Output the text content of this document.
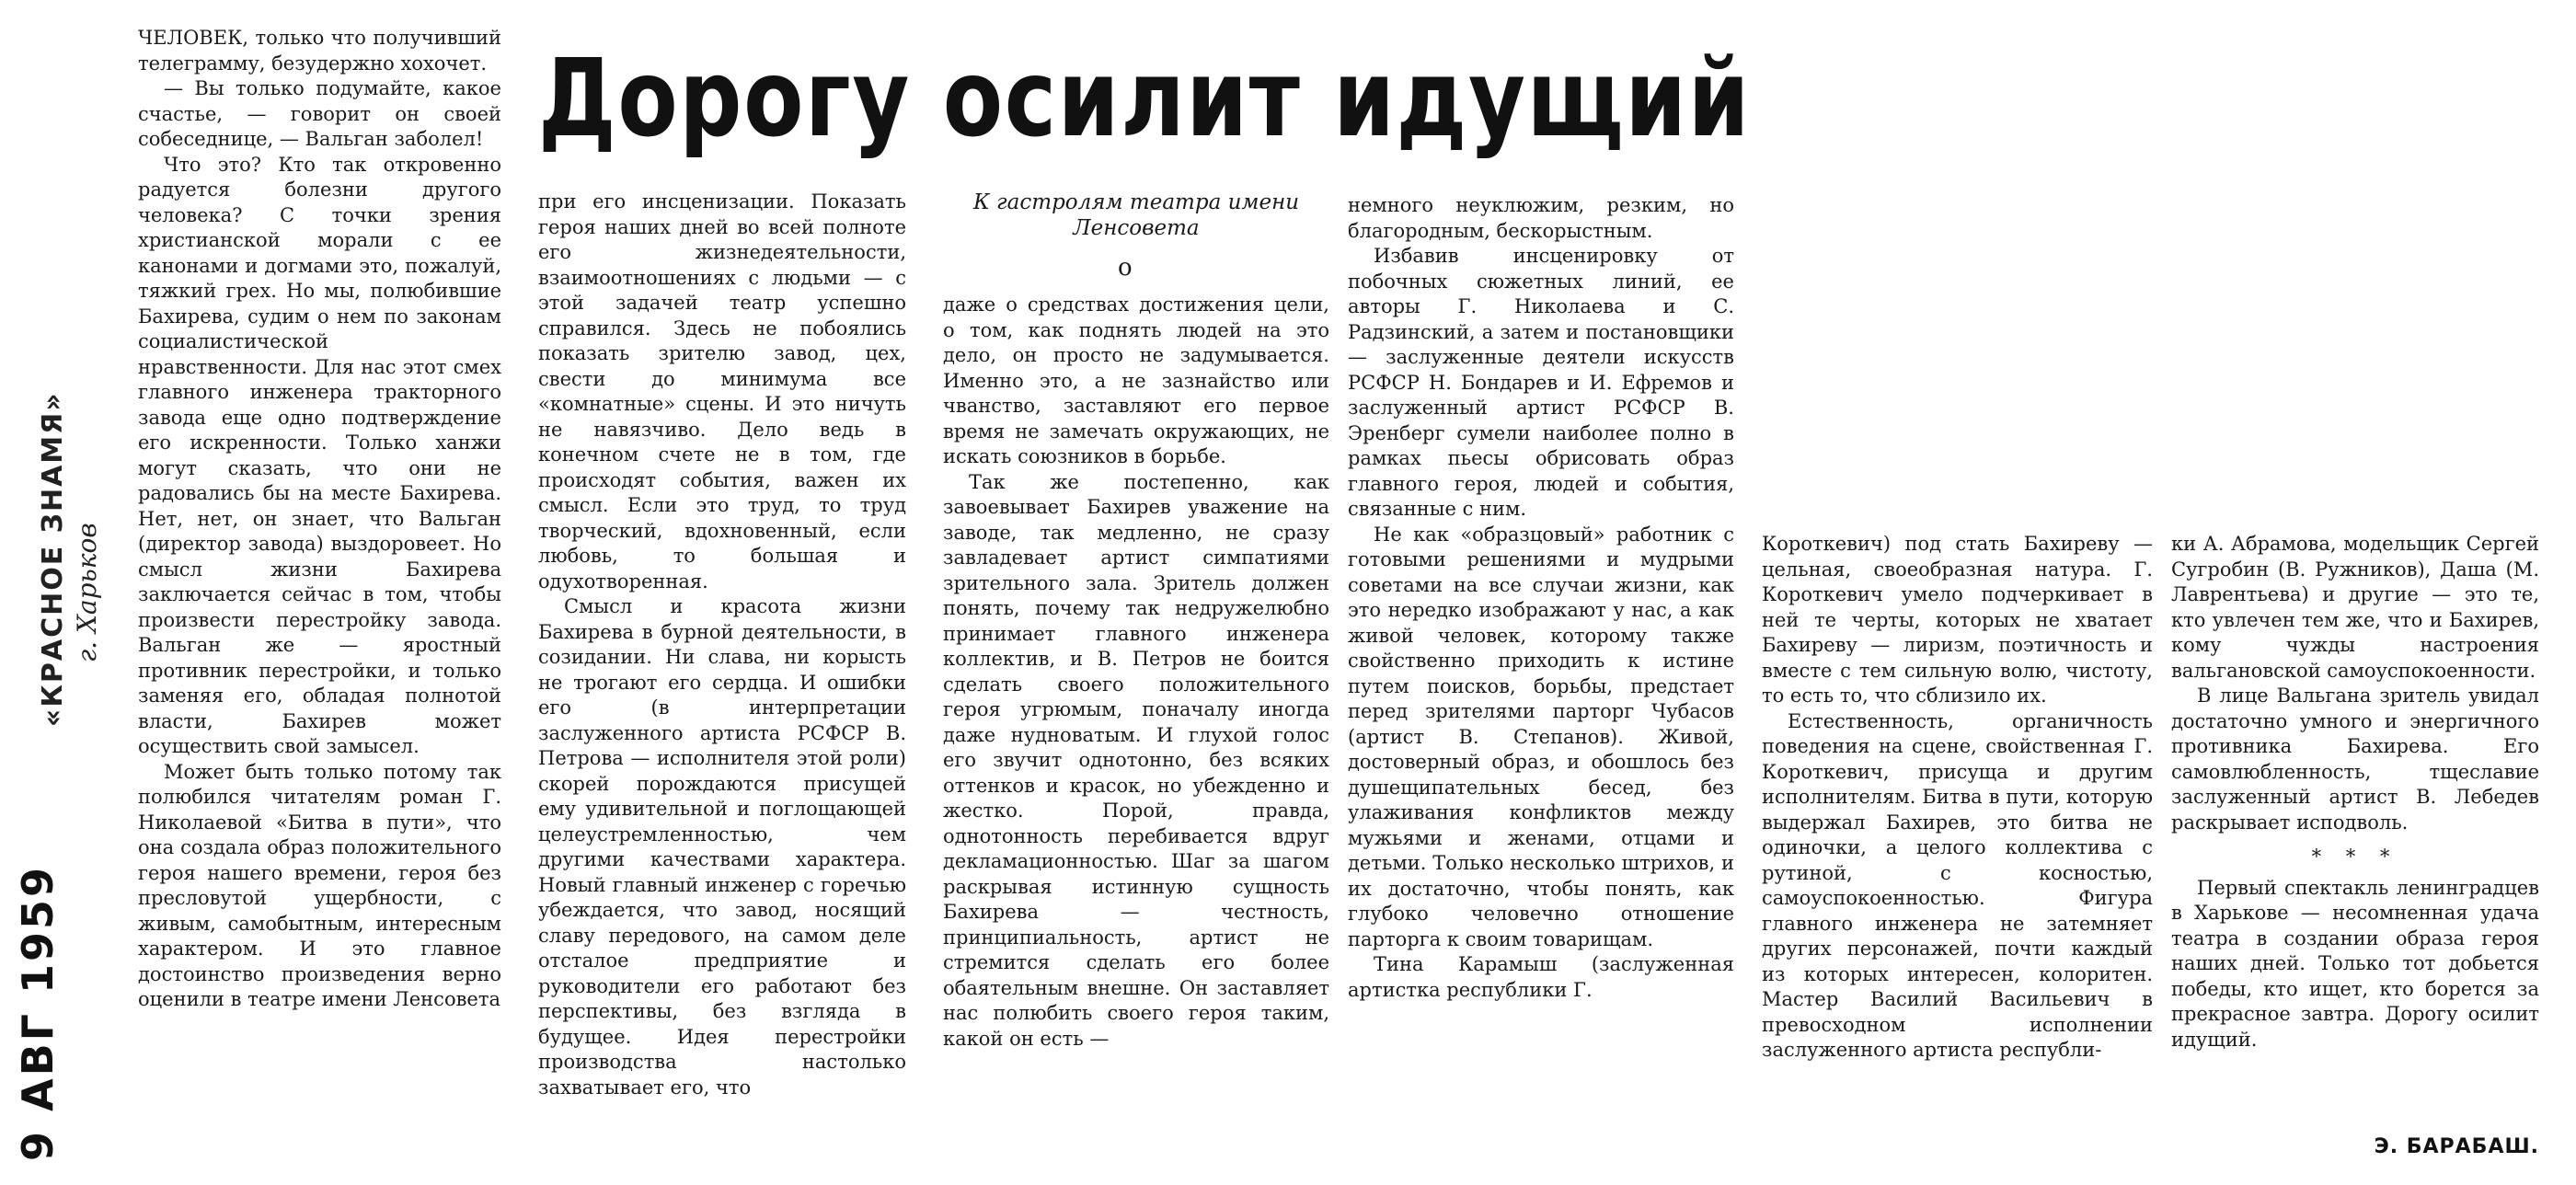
9 АВГ 1959
«КРАСНОЕ ЗНАМЯ» г. Харьков
Дорогу осилит идущий

ЧЕЛОВЕК, только что получивший телеграмму, безудержно хохочет.

— Вы только подумайте, какое счастье, — говорит он своей собеседнице, — Вальган заболел!

Что это? Кто так откровенно радуется болезни другого человека? С точки зрения христианской морали с ее канонами и догмами это, пожалуй, тяжкий грех. Но мы, полюбившие Бахирева, судим о нем по законам социалистической нравственности. Для нас этот смех главного инженера тракторного завода еще одно подтверждение его искренности. Только ханжи могут сказать, что они не радовались бы на месте Бахирева. Нет, нет, он знает, что Вальган (директор завода) выздоровеет. Но смысл жизни Бахирева заключается сейчас в том, чтобы произвести перестройку завода. Вальган же — яростный противник перестройки, и только заменяя его, обладая полнотой власти, Бахирев может осуществить свой замысел.

Может быть только потому так полюбился читателям роман Г. Николаевой «Битва в пути», что она создала образ положительного героя нашего времени, героя без пресловутой ущербности, с живым, самобытным, интересным характером. И это главное достоинство произведения верно оценили в театре имени Ленсовета

при его инсценизации. Показать героя наших дней во всей полноте его жизнедеятельности, взаимоотношениях с людьми — с этой задачей театр успешно справился. Здесь не побоялись показать зрителю завод, цех, свести до минимума все «комнатные» сцены. И это ничуть не навязчиво. Дело ведь в конечном счете не в том, где происходят события, важен их смысл. Если это труд, то труд творческий, вдохновенный, если любовь, то большая и одухотворенная.

Смысл и красота жизни Бахирева в бурной деятельности, в созидании. Ни слава, ни корысть не трогают его сердца. И ошибки его (в интерпретации заслуженного артиста РСФСР В. Петрова — исполнителя этой роли) скорей порождаются присущей ему удивительной и поглощающей целеустремленностью, чем другими качествами характера. Новый главный инженер с горечью убеждается, что завод, носящий славу передового, на самом деле отсталое предприятие и руководители его работают без перспективы, без взгляда в будущее. Идея перестройки производства настолько захватывает его, что

К гастролям театра имени Ленсовета

о

даже о средствах достижения цели, о том, как поднять людей на это дело, он просто не задумывается. Именно это, а не зазнайство или чванство, заставляют его первое время не замечать окружающих, не искать союзников в борьбе.

Так же постепенно, как завоевывает Бахирев уважение на заводе, так медленно, не сразу завладевает артист симпатиями зрительного зала. Зритель должен понять, почему так недружелюбно принимает главного инженера коллектив, и В. Петров не боится сделать своего положительного героя угрюмым, поначалу иногда даже нудноватым. И глухой голос его звучит однотонно, без всяких оттенков и красок, но убежденно и жестко. Порой, правда, однотонность перебивается вдруг декламационностью. Шаг за шагом раскрывая истинную сущность Бахирева — честность, принципиальность, артист не стремится сделать его более обаятельным внешне. Он заставляет нас полюбить своего героя таким, какой он есть —

немного неуклюжим, резким, но благородным, бескорыстным.

Избавив инсценировку от побочных сюжетных линий, ее авторы Г. Николаева и С. Радзинский, а затем и постановщики — заслуженные деятели искусств РСФСР Н. Бондарев и И. Ефремов и заслуженный артист РСФСР В. Эренберг сумели наиболее полно в рамках пьесы обрисовать образ главного героя, людей и события, связанные с ним.

Не как «образцовый» работник с готовыми решениями и мудрыми советами на все случаи жизни, как это нередко изображают у нас, а как живой человек, которому также свойственно приходить к истине путем поисков, борьбы, предстает перед зрителями парторг Чубасов (артист В. Степанов). Живой, достоверный образ, и обошлось без душещипательных бесед, без улаживания конфликтов между мужьями и женами, отцами и детьми. Только несколько штрихов, и их достаточно, чтобы понять, как глубоко человечно отношение парторга к своим товарищам.

Тина Карамыш (заслуженная артистка республики Г.

Короткевич) под стать Бахиреву — цельная, своеобразная натура. Г. Короткевич умело подчеркивает в ней те черты, которых не хватает Бахиреву — лиризм, поэтичность и вместе с тем сильную волю, чистоту, то есть то, что сблизило их.

Естественность, органичность поведения на сцене, свойственная Г. Короткевич, присуща и другим исполнителям. Битва в пути, которую выдержал Бахирев, это битва не одиночки, а целого коллектива с рутиной, с косностью, самоуспокоенностью. Фигура главного инженера не затемняет других персонажей, почти каждый из которых интересен, колоритен. Мастер Василий Васильевич в превосходном исполнении заслуженного артиста республи-

ки А. Абрамова, модельщик Сергей Сугробин (В. Ружников), Даша (М. Лаврентьева) и другие — это те, кто увлечен тем же, что и Бахирев, кому чужды настроения вальгановской самоуспокоенности.

В лице Вальгана зритель увидал достаточно умного и энергичного противника Бахирева. Его самовлюбленность, тщеславие заслуженный артист В. Лебедев раскрывает исподволь.

* * *

Первый спектакль ленинградцев в Харькове — несомненная удача театра в создании образа героя наших дней. Только тот добьется победы, кто ищет, кто борется за прекрасное завтра. Дорогу осилит идущий.

Э. БАРАБАШ.
